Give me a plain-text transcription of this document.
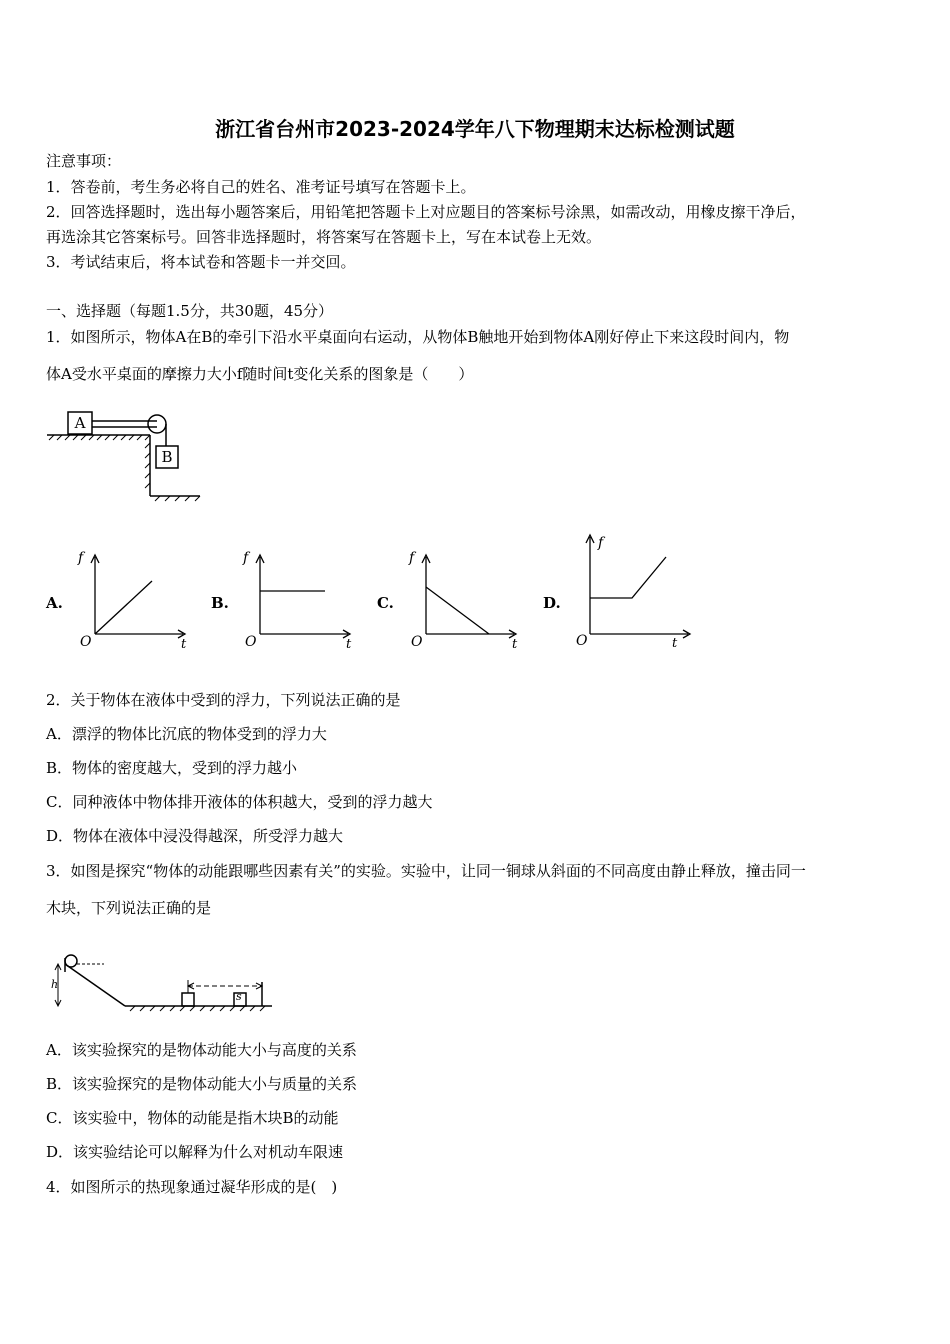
浙江省台州市2023-2024学年八下物理期末达标检测试题
注意事项：
1．答卷前，考生务必将自己的姓名、准考证号填写在答题卡上。
2．回答选择题时，选出每小题答案后，用铅笔把答题卡上对应题目的答案标号涂黑，如需改动，用橡皮擦干净后，
再选涂其它答案标号。回答非选择题时，将答案写在答题卡上，写在本试卷上无效。
3．考试结束后，将本试卷和答题卡一并交回。
一、选择题（每题1.5分，共30题，45分）
1．如图所示，物体A在B的牵引下沿水平桌面向右运动，从物体B触地开始到物体A刚好停止下来这段时间内，物
体A受水平桌面的摩擦力大小f随时间t变化关系的图象是（　　）
A
B
A.
f
O	t
B.
f
O	t
C.
f
O	t
D.
f
O	t
2．关于物体在液体中受到的浮力，下列说法正确的是
A．漂浮的物体比沉底的物体受到的浮力大
B．物体的密度越大，受到的浮力越小
C．同种液体中物体排开液体的体积越大，受到的浮力越大
D．物体在液体中浸没得越深，所受浮力越大
3．如图是探究“物体的动能跟哪些因素有关”的实验。实验中，让同一铜球从斜面的不同高度由静止释放，撞击同一
木块，下列说法正确的是
h
s
A．该实验探究的是物体动能大小与高度的关系
B．该实验探究的是物体动能大小与质量的关系
C．该实验中，物体的动能是指木块B的动能
D．该实验结论可以解释为什么对机动车限速
4．如图所示的热现象通过凝华形成的是(　)
